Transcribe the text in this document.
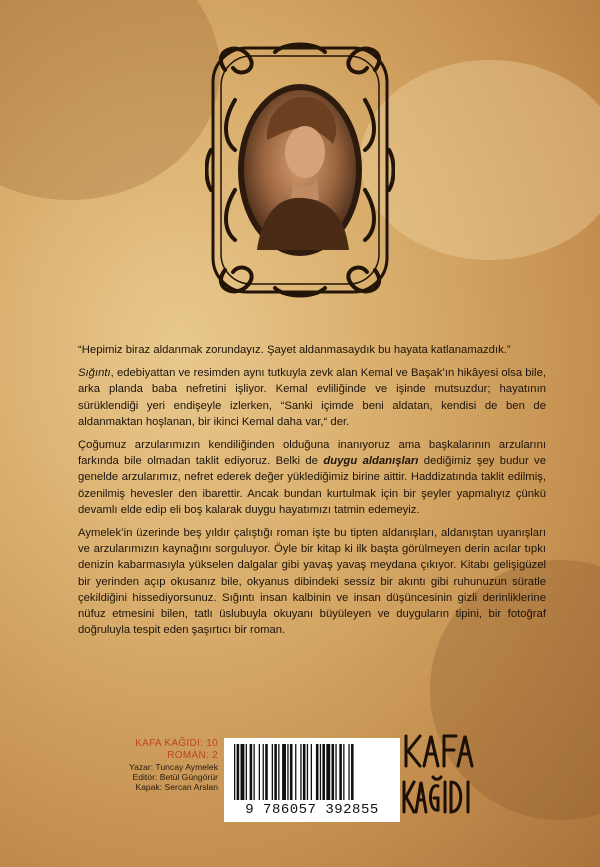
“Hepimiz biraz aldanmak zorundayız. Şayet aldanmasaydık bu hayata katlanamazdık.”

Sığıntı, edebiyattan ve resimden aynı tutkuyla zevk alan Kemal ve Başak’ın hikâyesi olsa bile, arka planda baba nefretini işliyor. Kemal evliliğinde ve işinde mutsuzdur; hayatının sürüklendiği yeri endişeyle izlerken, “Sanki içimde beni aldatan, kendisi de ben de aldanmaktan hoşlanan, bir ikinci Kemal daha var,“ der.

Çoğumuz arzularımızın kendiliğinden olduğuna inanıyoruz ama başkalarının arzularını farkında bile olmadan taklit ediyoruz. Belki de duygu aldanışları dediğimiz şey budur ve genelde arzularımız, nefret ederek değer yüklediğimiz birine aittir. Haddizatında taklit edilmiş, özenilmiş hevesler den ibarettir. Ancak bundan kurtulmak için bir şeyler yapmalıyız çünkü devamlı elde edip eli boş kalarak duygu hayatımızı tatmin edemeyiz.

Aymelek’in üzerinde beş yıldır çalıştığı roman işte bu tipten aldanışları, aldanıştan uyanışları ve arzularımızın kaynağını sorguluyor. Öyle bir kitap ki ilk başta görülmeyen derin acılar tıpkı denizin kabarmasıyla yükselen dalgalar gibi yavaş yavaş meydana çıkıyor. Kitabı gelişigüzel bir yerinden açıp okusanız bile, okyanus dibindeki sessiz bir akıntı gibi ruhunuzun süratle çekildiğini hissediyorsunuz. Sığıntı insan kalbinin ve insan düşüncesinin gizli derinliklerine nüfuz etmesini bilen, tatlı üslubuyla okuyanı büyüleyen ve duyguların tipini, bir fotoğraf doğruluyla tespit eden şaşırtıcı bir roman.

KAFA KAĞIDI: 10
ROMAN: 2
Yazar: Tuncay Aymelek
Editör: Betül Güngörür
Kapak: Sercan Arslan
9 786057 392855
